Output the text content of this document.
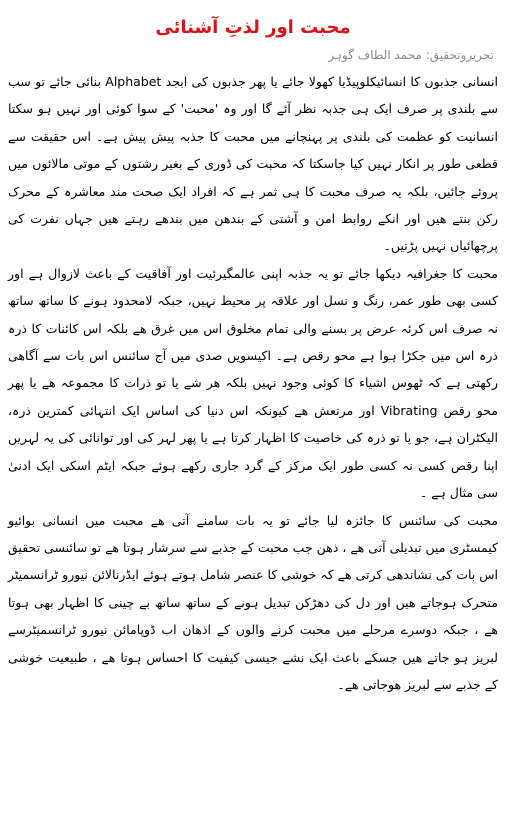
محبت اور لذتِ آشنائی
تحریروتحقیق: محمد الطاف گوہر

انسانی جذبوں کا انسائیکلوپیڈیا کھولا جائے یا پھر جذبوں کی ابجد Alphabet بنائی جائے تو سب سے بلندی پر صرف ایک ہی جذبہ نظر آئے گا اور وہ 'محبت' کے سوا کوئی اور نہیں ہو سکتا انسانیت کو عظمت کی بلندی پر پہنچانے میں محبت کا جذبہ پیش پیش ہے۔ اس حقیقت سے قطعی طور پر انکار نہیں کیا جاسکتا کہ محبت کی ڈوری کے بغیر رشتوں کے موتی مالائوں میں پروئے جائیں، بلکہ یہ صرف محبت کا ہی ثمر ہے کہ افراد ایک صحت مند معاشرہ کے محرک رکن بنتے ھیں اور انکے روابط امن و آشتی کے بندھن میں بندھے رہتے ھیں جہاں نفرت کی پرچھائیاں نہیں پڑتیں۔

محبت کا جغرافیہ دیکھا جائے تو یہ جذبہ اپنی عالمگیرئیت اور آفاقیت کے باعث لازوال ہے اور کسی بھی طور عمر، رنگ و نسل اور علاقہ پر محیط نہیں، جبکہ لامحدود ہونے کا ساتھ ساتھ نہ صرف اس کرئہ عرض پر بسنے والی تمام مخلوق اس میں غرق ھے بلکہ اس کائنات کا ذرہ ذرہ اس میں جکڑا ہوا ہے محو رقص ہے۔ اکیسویں صدی میں آج سائنس اس بات سے آگاھی رکھتی ہے کہ ٹھوس اشیاء کا کوئی وجود نہیں بلکہ ھر شے یا تو ذرات کا مجموعہ ھے یا پھر محو رقص Vibrating اور مرتعش ھے کیونکہ اس دنیا کی اساس ایک انتہائی کمترین ذرہ، الیکٹران ہے، جو یا تو ذرہ کی خاصیت کا اظہار کرتا ہے یا پھر لہر کی اور توانائی کی یہ لہریں اپنا رقص کسی نہ کسی طور ایک مرکز کے گرد جاری رکھے ہوئے جبکہ ایٹم اسکی ایک ادنیٰ سی مثال ہے ۔

محبت کی سائنس کا جائزہ لیا جائے تو یہ بات سامنے آتی ھے محبت میں انسانی بوائیو کیمسٹری میں تبدیلی آتی ھے ، ذھن جب محبت کے جذبے سے سرشار ہوتا ھے تو سائنسی تحقیق اس بات کی نشاندھی کرتی ھے کہ خوشی کا عنصر شامل ہوتے ہوئے ایڈرنالائن نیورو ٹرانسمیٹر متحرک ہوجاتے ھیں اور دل کی دھڑکن تبدیل ہونے کے ساتھ ساتھ بے چینی کا اظہار بھی ہوتا ھے ، جبکہ دوسرے مرحلے میں محبت کرنے والوں کے اذھان اب ڈوپامائن نیورو ٹرانسمیٹرسے لبریز ہو جاتے ھیں جسکے باعث ایک نشے جیسی کیفیت کا احساس ہوتا ھے ، طبیعیت خوشی کے جذبے سے لبریز ھوجاتی ھے۔
